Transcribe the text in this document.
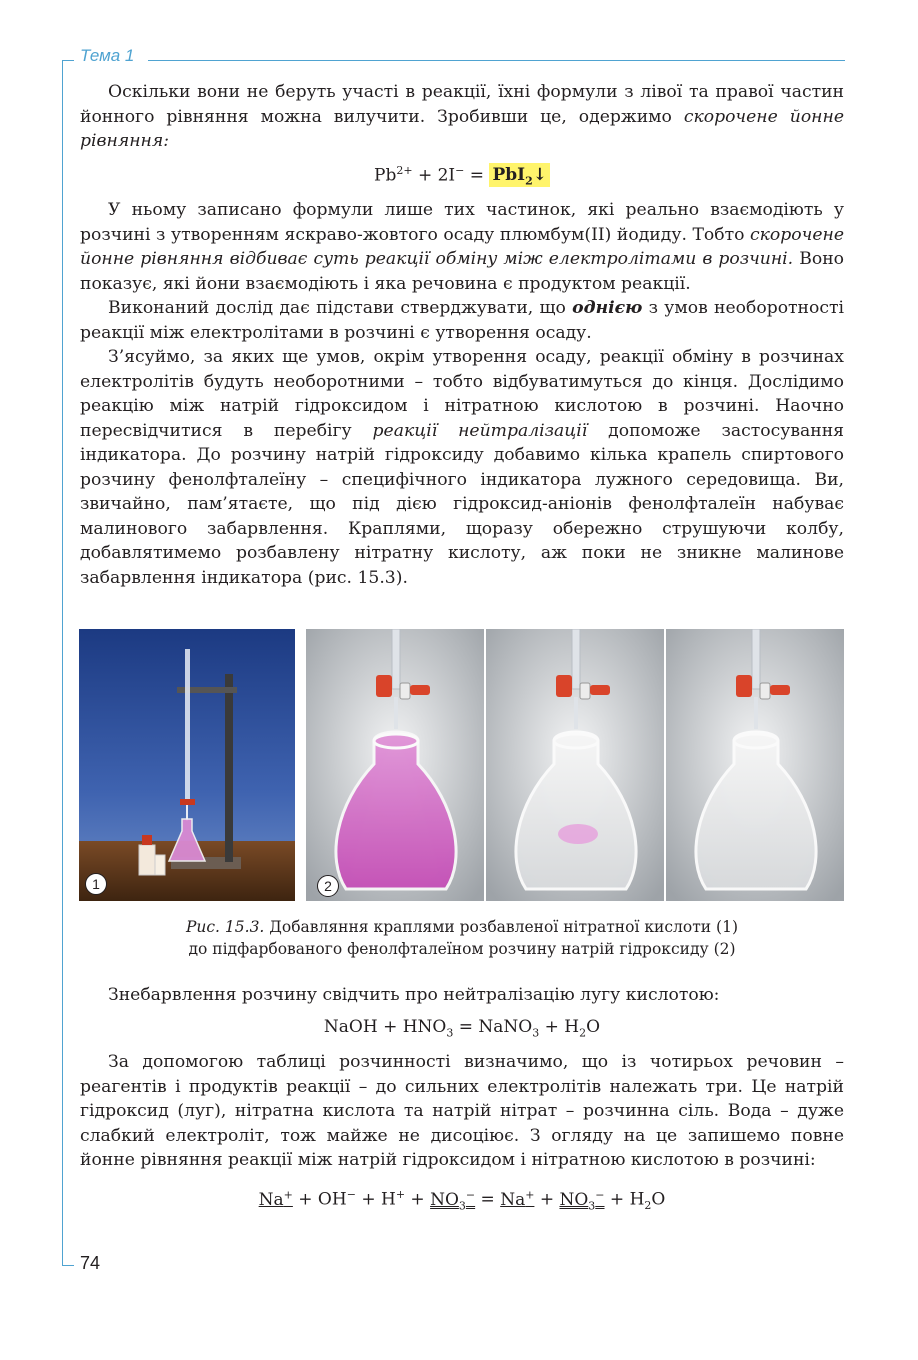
Тема 1

Оскільки вони не беруть участі в реакції, їхні формули з лівої та правої частин йонного рівняння можна вилучити. Зробивши це, одержимо скорочене йонне рівняння:

$Pb^{2+} + 2I^-$ = PbI$_2$↓

У ньому записано формули лише тих частинок, які реально взаємодіють у розчині з утворенням яскраво-жовтого осаду плюмбум(II) йодиду. Тобто скорочене йонне рівняння відбиває суть реакції обміну між електролітами в розчині. Воно показує, які йони взаємодіють і яка речовина є продуктом реакції.

Виконаний дослід дає підстави стверджувати, що однією з умов необоротності реакції між електролітами в розчині є утворення осаду.

З’ясуймо, за яких ще умов, окрім утворення осаду, реакції обміну в розчинах електролітів будуть необоротними – тобто відбуватимуться до кінця. Дослідимо реакцію між натрій гідроксидом і нітратною кислотою в розчині. Наочно пересвідчитися в перебігу реакції нейтралізації допоможе застосування індикатора. До розчину натрій гідроксиду добавимо кілька крапель спиртового розчину фенолфталеїну – специфічного індикатора лужного середовища. Ви, звичайно, пам’ятаєте, що під дією гідроксид-аніонів фенолфталеїн набуває малинового забарвлення. Краплями, щоразу обережно струшуючи колбу, добавлятимемо розбавлену нітратну кислоту, аж поки не зникне малинове забарвлення індикатора (рис. 15.3).

1	2
Рис. 15.3. Добавляння краплями розбавленої нітратної кислоти (1)
до підфарбованого фенолфталеїном розчину натрій гідроксиду (2)

Знебарвлення розчину свідчить про нейтралізацію лугу кислотою:

NaOH + $HNO_3$ = NaNO$_3$ + $H_2O$

За допомогою таблиці розчинності визначимо, що із чотирьох речовин – реагентів і продуктів реакції – до сильних електролітів належать три. Це натрій гідроксид (луг), нітратна кислота та натрій нітрат – розчинна сіль. Вода – дуже слабкий електроліт, тож майже не дисоціює. З огляду на це запишемо повне йонне рівняння реакції між натрій гідроксидом і нітратною кислотою в розчині:

$Na^+ + OH^- + H^+ + NO_3^- = Na^+ + NO_3^- + H_2O$
74
